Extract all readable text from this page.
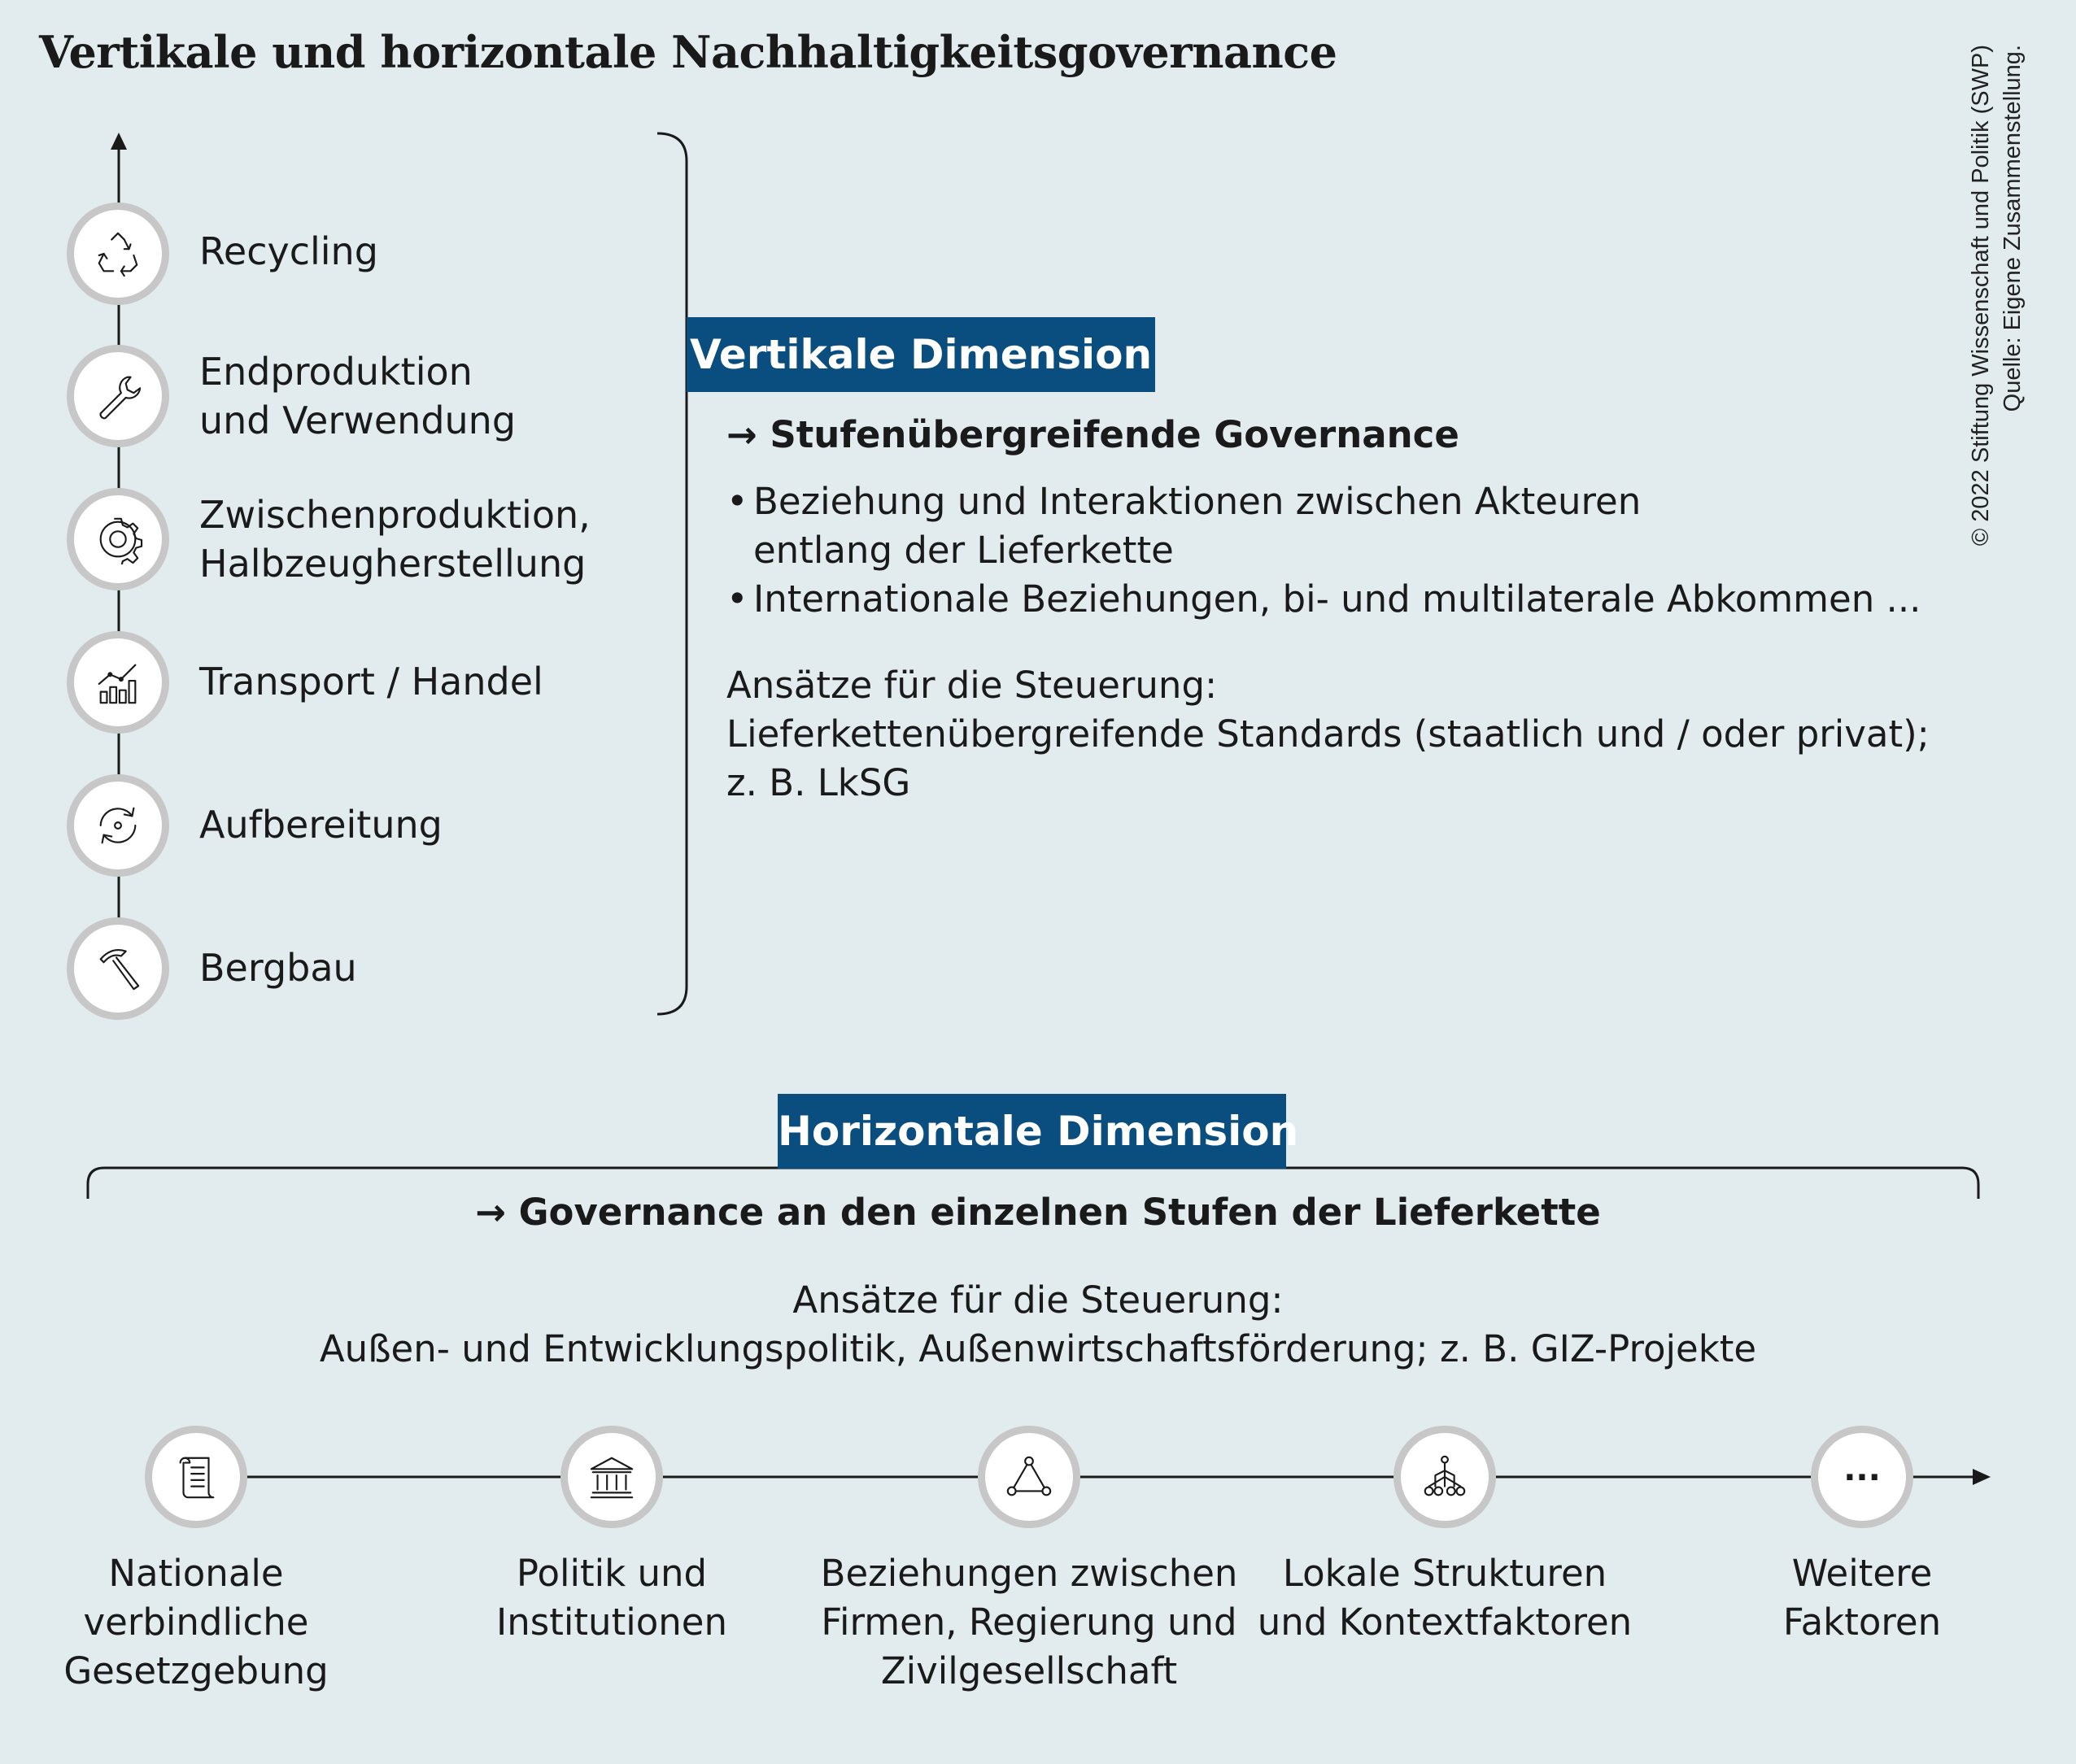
Vertikale und horizontale Nachhaltigkeitsgovernance	© 2022 Stiftung Wissenschaft und Politik (SWP) Quelle: Eigene Zusammenstellung.
Recycling
Endproduktion
und Verwendung
Zwischenproduktion,
Halbzeugherstellung
Transport / Handel
Aufbereitung
Bergbau
Vertikale Dimension
→ Stufenübergreifende Governance
• Beziehung und Interaktionen zwischen Akteuren
entlang der Lieferkette
• Internationale Beziehungen, bi- und multilaterale Abkommen ...
Ansätze für die Steuerung:
Lieferkettenübergreifende Standards (staatlich und / oder privat);
z. B. LkSG
Horizontale Dimension
→ Governance an den einzelnen Stufen der Lieferkette
Ansätze für die Steuerung:
Außen- und Entwicklungspolitik, Außenwirtschaftsförderung; z. B. GIZ-Projekte
Nationale
verbindliche
Gesetzgebung
Politik und
Institutionen
Beziehungen zwischen
Firmen, Regierung und
Zivilgesellschaft
Lokale Strukturen
und Kontextfaktoren
...
Weitere
Faktoren
